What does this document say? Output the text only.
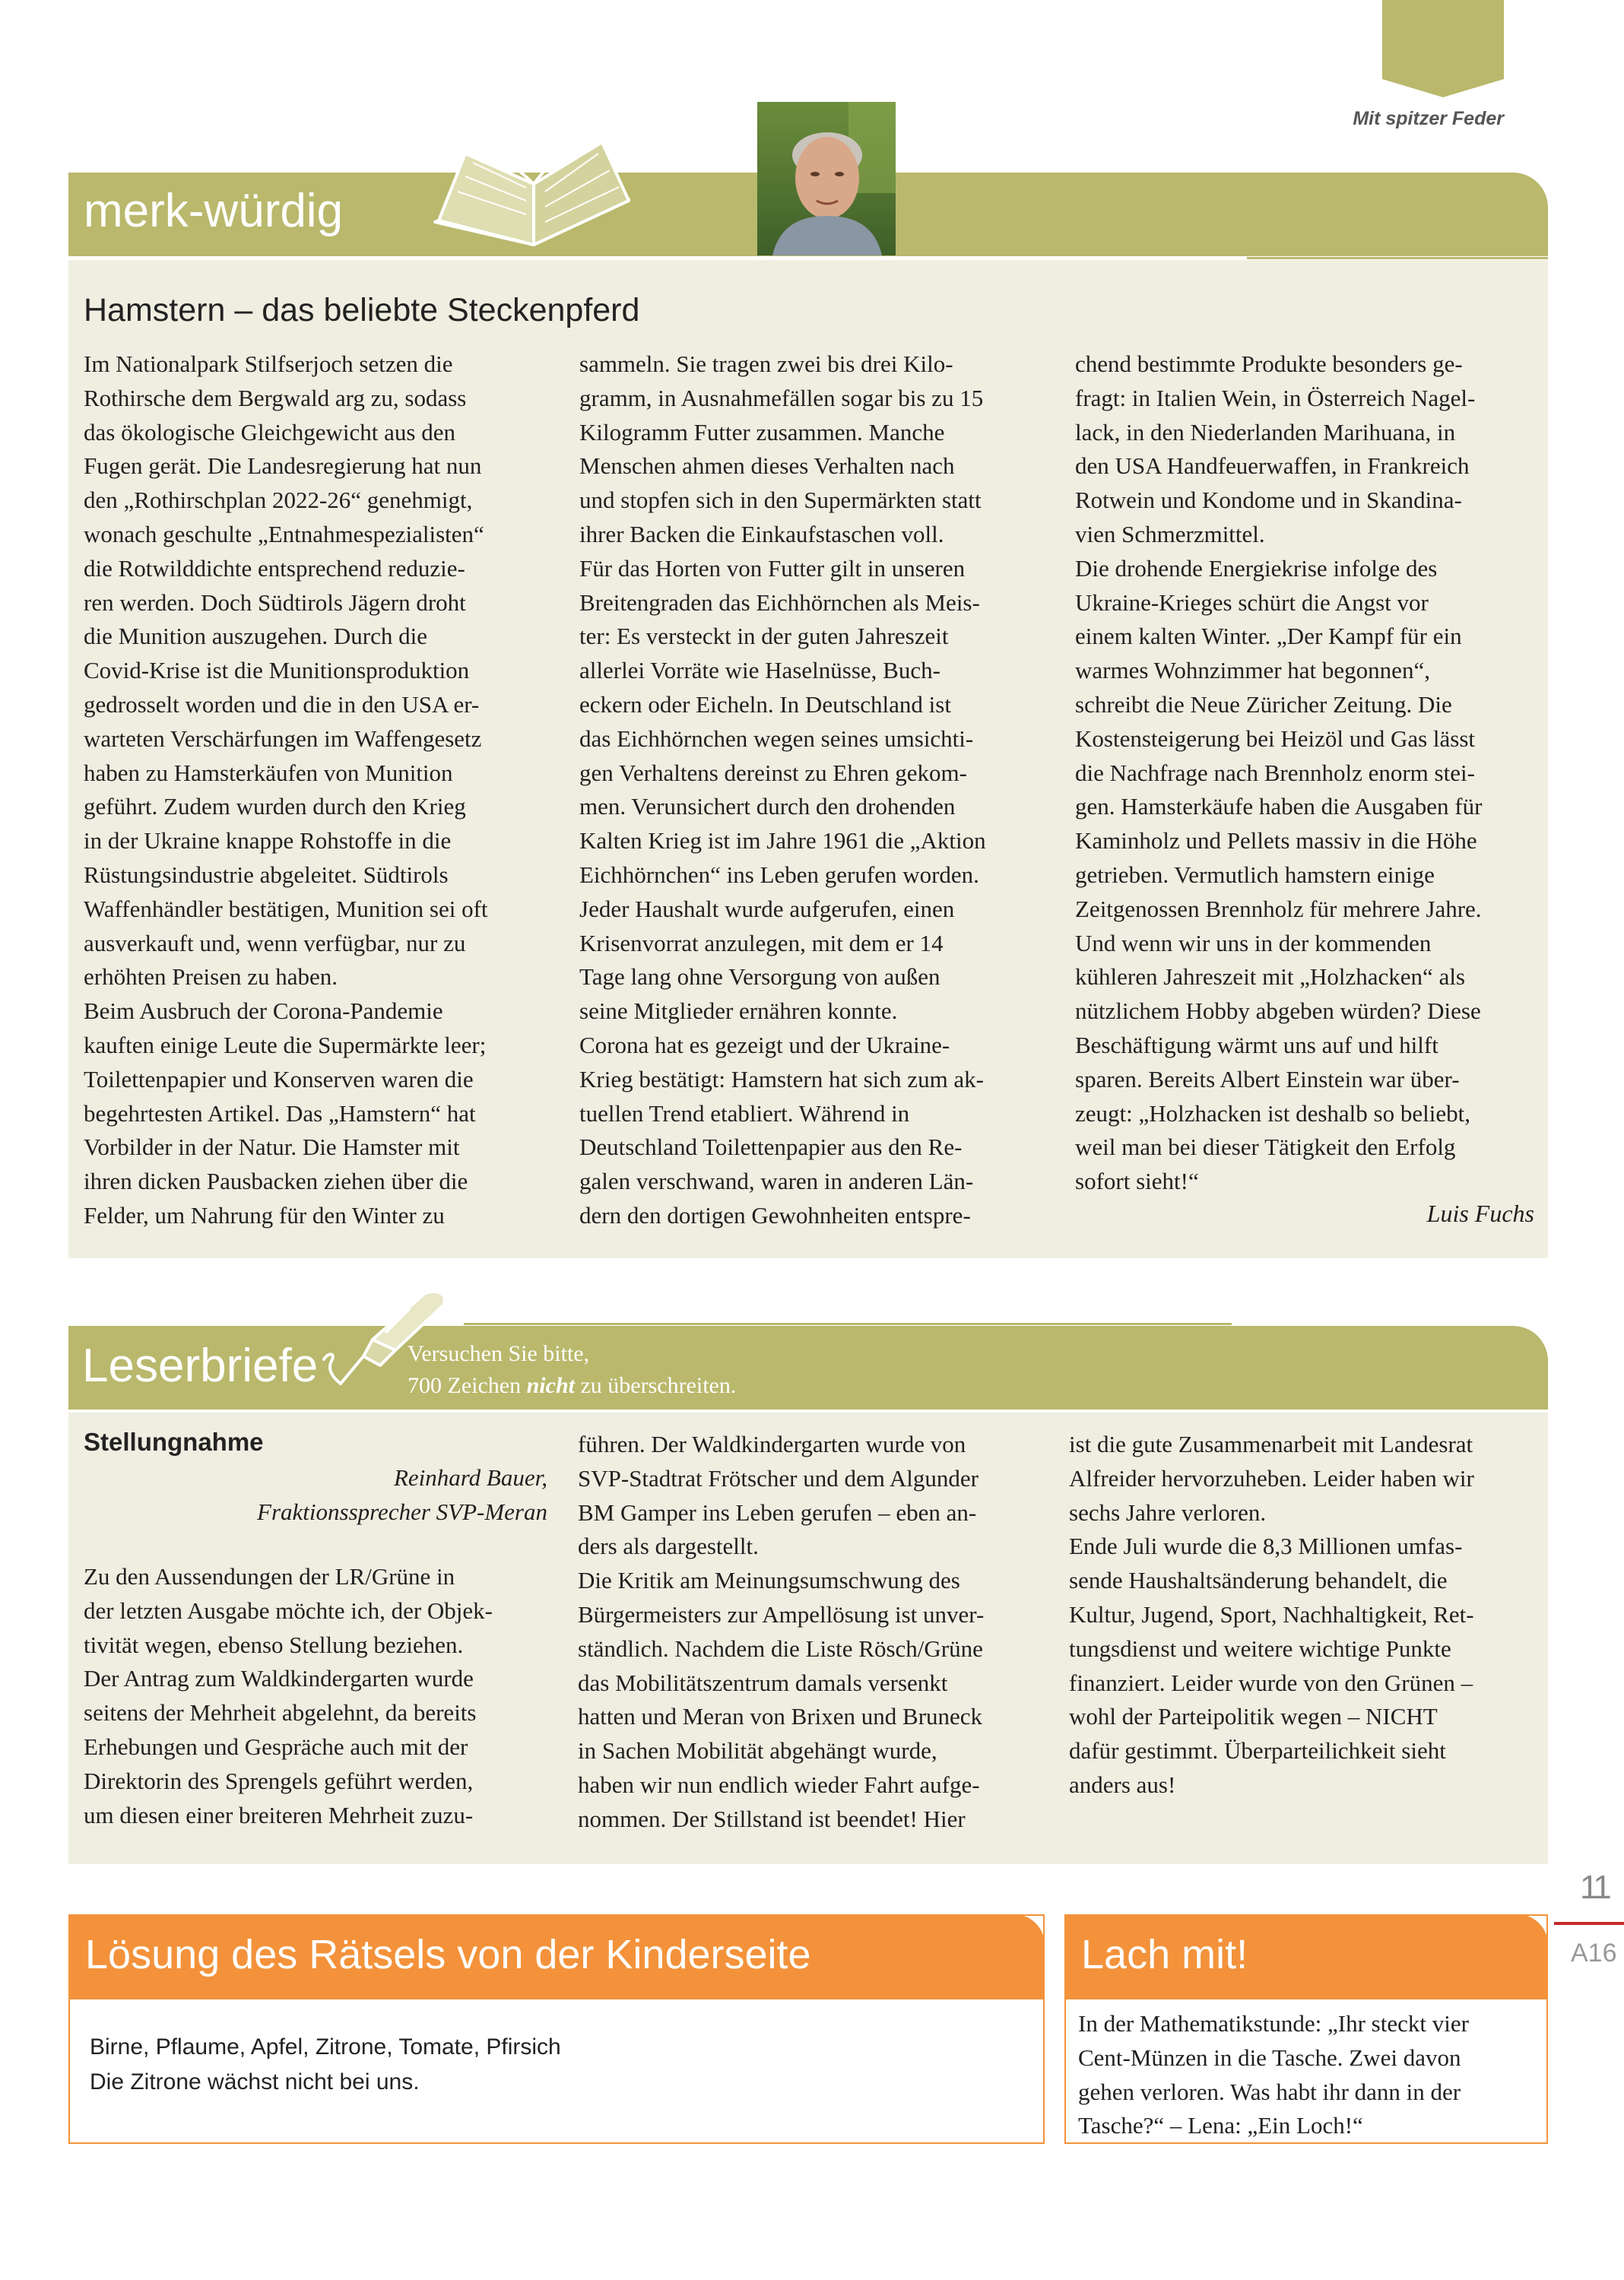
Mit spitzer Feder
merk-würdig
Hamstern – das beliebte Steckenpferd
Im Nationalpark Stilfserjoch setzen die
Rothirsche dem Bergwald arg zu, sodass
das ökologische Gleichgewicht aus den
Fugen gerät. Die Landesregierung hat nun
den „Rothirschplan 2022-26“ genehmigt,
wonach geschulte „Entnahmespezialisten“
die Rotwilddichte entsprechend reduzie-
ren werden. Doch Südtirols Jägern droht
die Munition auszugehen. Durch die
Covid-Krise ist die Munitionsproduktion
gedrosselt worden und die in den USA er-
warteten Verschärfungen im Waffengesetz
haben zu Hamsterkäufen von Munition
geführt. Zudem wurden durch den Krieg
in der Ukraine knappe Rohstoffe in die
Rüstungsindustrie abgeleitet. Südtirols
Waffenhändler bestätigen, Munition sei oft
ausverkauft und, wenn verfügbar, nur zu
erhöhten Preisen zu haben.
Beim Ausbruch der Corona-Pandemie
kauften einige Leute die Supermärkte leer;
Toilettenpapier und Konserven waren die
begehrtesten Artikel. Das „Hamstern“ hat
Vorbilder in der Natur. Die Hamster mit
ihren dicken Pausbacken ziehen über die
Felder, um Nahrung für den Winter zu
sammeln. Sie tragen zwei bis drei Kilo-
gramm, in Ausnahmefällen sogar bis zu 15
Kilogramm Futter zusammen. Manche
Menschen ahmen dieses Verhalten nach
und stopfen sich in den Supermärkten statt
ihrer Backen die Einkaufstaschen voll.
Für das Horten von Futter gilt in unseren
Breitengraden das Eichhörnchen als Meis-
ter: Es versteckt in der guten Jahreszeit
allerlei Vorräte wie Haselnüsse, Buch-
eckern oder Eicheln. In Deutschland ist
das Eichhörnchen wegen seines umsichti-
gen Verhaltens dereinst zu Ehren gekom-
men. Verunsichert durch den drohenden
Kalten Krieg ist im Jahre 1961 die „Aktion
Eichhörnchen“ ins Leben gerufen worden.
Jeder Haushalt wurde aufgerufen, einen
Krisenvorrat anzulegen, mit dem er 14
Tage lang ohne Versorgung von außen
seine Mitglieder ernähren konnte.
Corona hat es gezeigt und der Ukraine-
Krieg bestätigt: Hamstern hat sich zum ak-
tuellen Trend etabliert. Während in
Deutschland Toilettenpapier aus den Re-
galen verschwand, waren in anderen Län-
dern den dortigen Gewohnheiten entspre-
chend bestimmte Produkte besonders ge-
fragt: in Italien Wein, in Österreich Nagel-
lack, in den Niederlanden Marihuana, in
den USA Handfeuerwaffen, in Frankreich
Rotwein und Kondome und in Skandina-
vien Schmerzmittel.
Die drohende Energiekrise infolge des
Ukraine-Krieges schürt die Angst vor
einem kalten Winter. „Der Kampf für ein
warmes Wohnzimmer hat begonnen“,
schreibt die Neue Züricher Zeitung. Die
Kostensteigerung bei Heizöl und Gas lässt
die Nachfrage nach Brennholz enorm stei-
gen. Hamsterkäufe haben die Ausgaben für
Kaminholz und Pellets massiv in die Höhe
getrieben. Vermutlich hamstern einige
Zeitgenossen Brennholz für mehrere Jahre.
Und wenn wir uns in der kommenden
kühleren Jahreszeit mit „Holzhacken“ als
nützlichem Hobby abgeben würden? Diese
Beschäftigung wärmt uns auf und hilft
sparen. Bereits Albert Einstein war über-
zeugt: „Holzhacken ist deshalb so beliebt,
weil man bei dieser Tätigkeit den Erfolg
sofort sieht!“
Luis Fuchs
Leserbriefe	Versuchen Sie bitte,
700 Zeichen nicht zu überschreiten.
Stellungnahme
Reinhard Bauer,
Fraktionssprecher SVP-Meran
Zu den Aussendungen der LR/Grüne in
der letzten Ausgabe möchte ich, der Objek-
tivität wegen, ebenso Stellung beziehen.
Der Antrag zum Waldkindergarten wurde
seitens der Mehrheit abgelehnt, da bereits
Erhebungen und Gespräche auch mit der
Direktorin des Sprengels geführt werden,
um diesen einer breiteren Mehrheit zuzu-
führen. Der Waldkindergarten wurde von
SVP-Stadtrat Frötscher und dem Algunder
BM Gamper ins Leben gerufen – eben an-
ders als dargestellt.
Die Kritik am Meinungsumschwung des
Bürgermeisters zur Ampellösung ist unver-
ständlich. Nachdem die Liste Rösch/Grüne
das Mobilitätszentrum damals versenkt
hatten und Meran von Brixen und Bruneck
in Sachen Mobilität abgehängt wurde,
haben wir nun endlich wieder Fahrt aufge-
nommen. Der Stillstand ist beendet! Hier
ist die gute Zusammenarbeit mit Landesrat
Alfreider hervorzuheben. Leider haben wir
sechs Jahre verloren.
Ende Juli wurde die 8,3 Millionen umfas-
sende Haushaltsänderung behandelt, die
Kultur, Jugend, Sport, Nachhaltigkeit, Ret-
tungsdienst und weitere wichtige Punkte
finanziert. Leider wurde von den Grünen –
wohl der Parteipolitik wegen – NICHT
dafür gestimmt. Überparteilichkeit sieht
anders aus!
11
A16
Lösung des Rätsels von der Kinderseite
Birne, Pflaume, Apfel, Zitrone, Tomate, Pfirsich
Die Zitrone wächst nicht bei uns.
Lach mit!
In der Mathematikstunde: „Ihr steckt vier
Cent-Münzen in die Tasche. Zwei davon
gehen verloren. Was habt ihr dann in der
Tasche?“ – Lena: „Ein Loch!“
